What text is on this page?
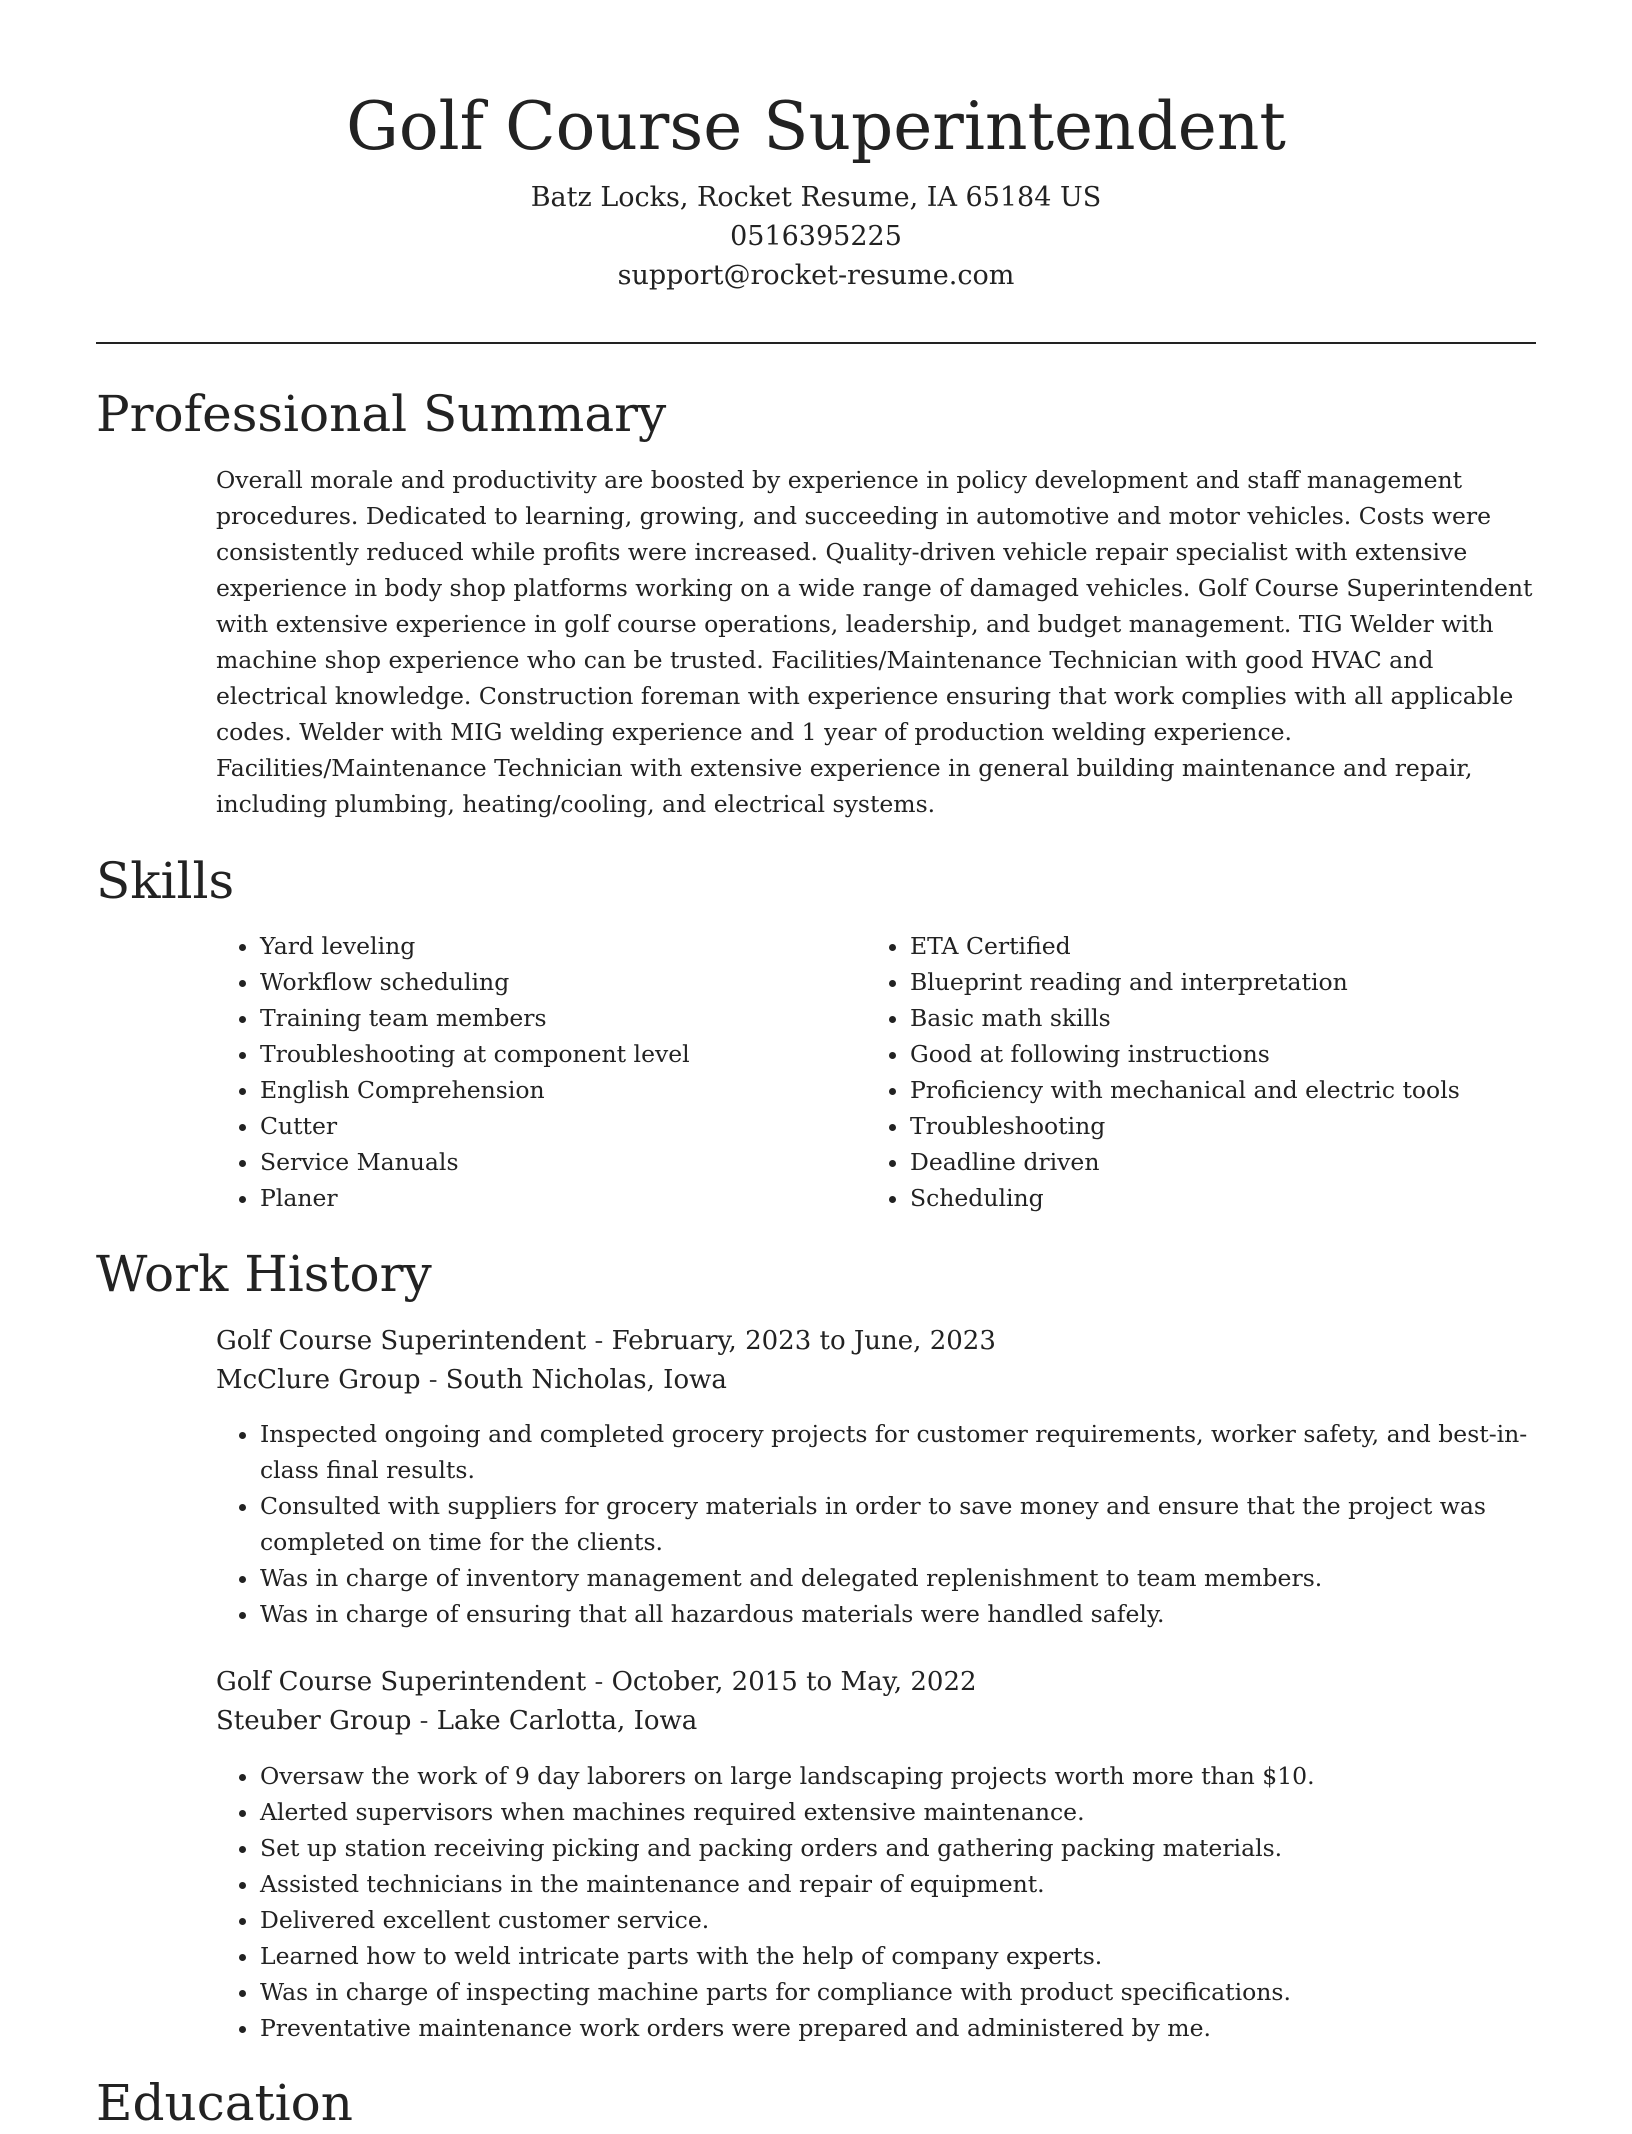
Golf Course Superintendent

Batz Locks, Rocket Resume, IA 65184 US

0516395225

support@rocket-resume.com

Professional Summary

Overall morale and productivity are boosted by experience in policy development and staff management procedures. Dedicated to learning, growing, and succeeding in automotive and motor vehicles. Costs were consistently reduced while profits were increased. Quality-driven vehicle repair specialist with extensive experience in body shop platforms working on a wide range of damaged vehicles. Golf Course Superintendent with extensive experience in golf course operations, leadership, and budget management. TIG Welder with machine shop experience who can be trusted. Facilities/Maintenance Technician with good HVAC and electrical knowledge. Construction foreman with experience ensuring that work complies with all applicable codes. Welder with MIG welding experience and 1 year of production welding experience. Facilities/Maintenance Technician with extensive experience in general building maintenance and repair, including plumbing, heating/cooling, and electrical systems.

Skills
• Yard leveling
• Workflow scheduling
• Training team members
• Troubleshooting at component level
• English Comprehension
• Cutter
• Service Manuals
• Planer
• ETA Certified
• Blueprint reading and interpretation
• Basic math skills
• Good at following instructions
• Proficiency with mechanical and electric tools
• Troubleshooting
• Deadline driven
• Scheduling
Work History
Golf Course Superintendent - February, 2023 to June, 2023
McClure Group - South Nicholas, Iowa
• Inspected ongoing and completed grocery projects for customer requirements, worker safety, and best-in-class final results.
• Consulted with suppliers for grocery materials in order to save money and ensure that the project was completed on time for the clients.
• Was in charge of inventory management and delegated replenishment to team members.
• Was in charge of ensuring that all hazardous materials were handled safely.
Golf Course Superintendent - October, 2015 to May, 2022
Steuber Group - Lake Carlotta, Iowa
• Oversaw the work of 9 day laborers on large landscaping projects worth more than $10.
• Alerted supervisors when machines required extensive maintenance.
• Set up station receiving picking and packing orders and gathering packing materials.
• Assisted technicians in the maintenance and repair of equipment.
• Delivered excellent customer service.
• Learned how to weld intricate parts with the help of company experts.
• Was in charge of inspecting machine parts for compliance with product specifications.
• Preventative maintenance work orders were prepared and administered by me.
Education
